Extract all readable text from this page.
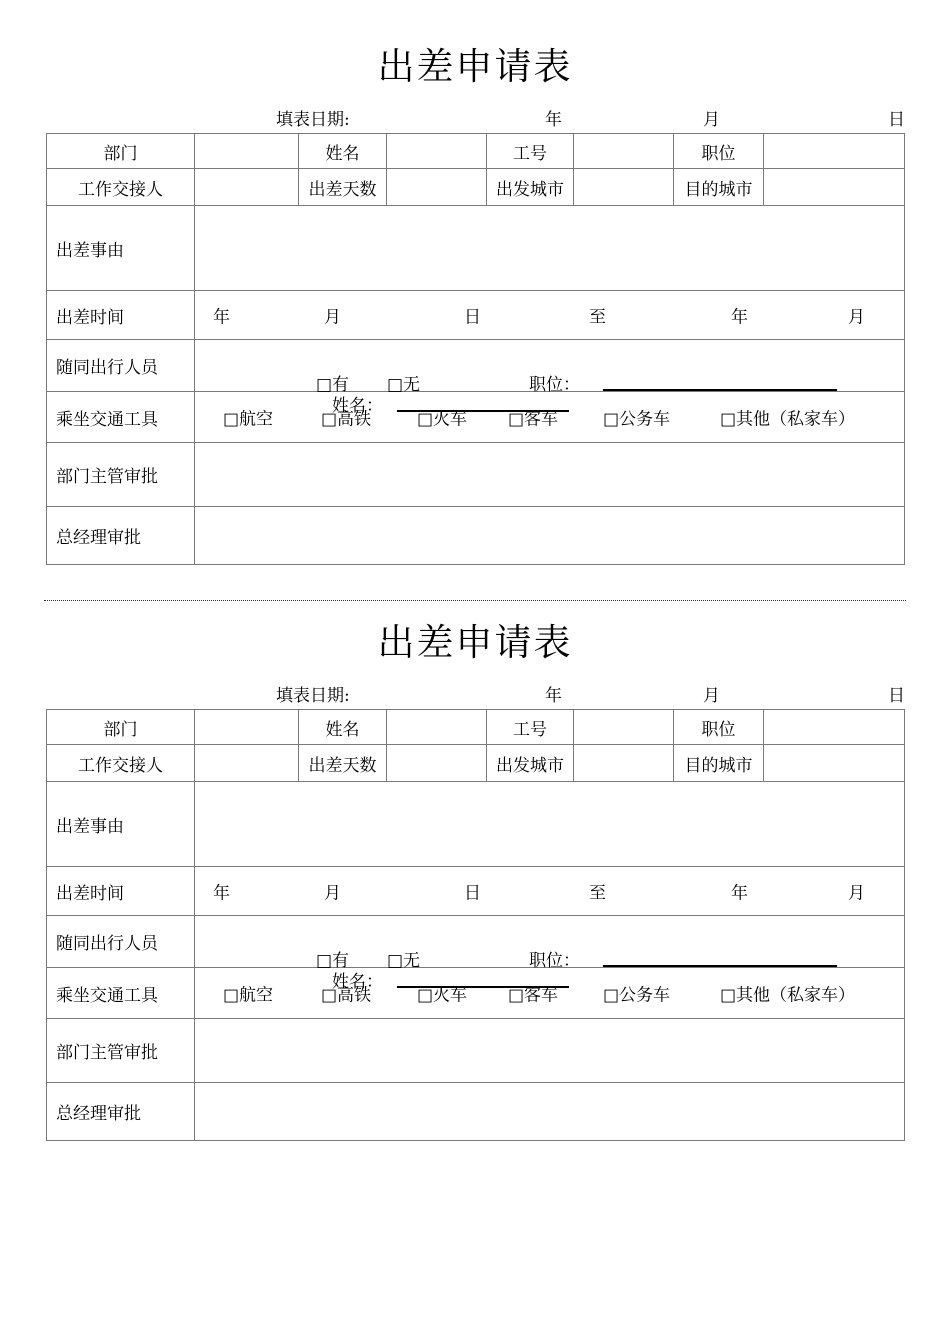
出差申请表
填表日期:	年	月	日
部门		姓名		工号		职位	
工作交接人		出差天数		出发城市		目的城市	
出差事由							
出差时间	年	月	日	至	年	月

随同出行人员	□有 □无 职位：
姓名：						

乘坐交通工具	□航空	□高铁	□火车 □客车	□公务车	□其他（私家车）

部门主管审批							
总经理审批							
出差申请表
填表日期:	年	月	日
部门		姓名		工号		职位	
工作交接人		出差天数		出发城市		目的城市	
出差事由							
出差时间	年	月	日	至	年	月

随同出行人员	□有 □无 职位：
姓名：						

乘坐交通工具	□航空	□高铁	□火车 □客车	□公务车	□其他（私家车）

部门主管审批							
总经理审批							
